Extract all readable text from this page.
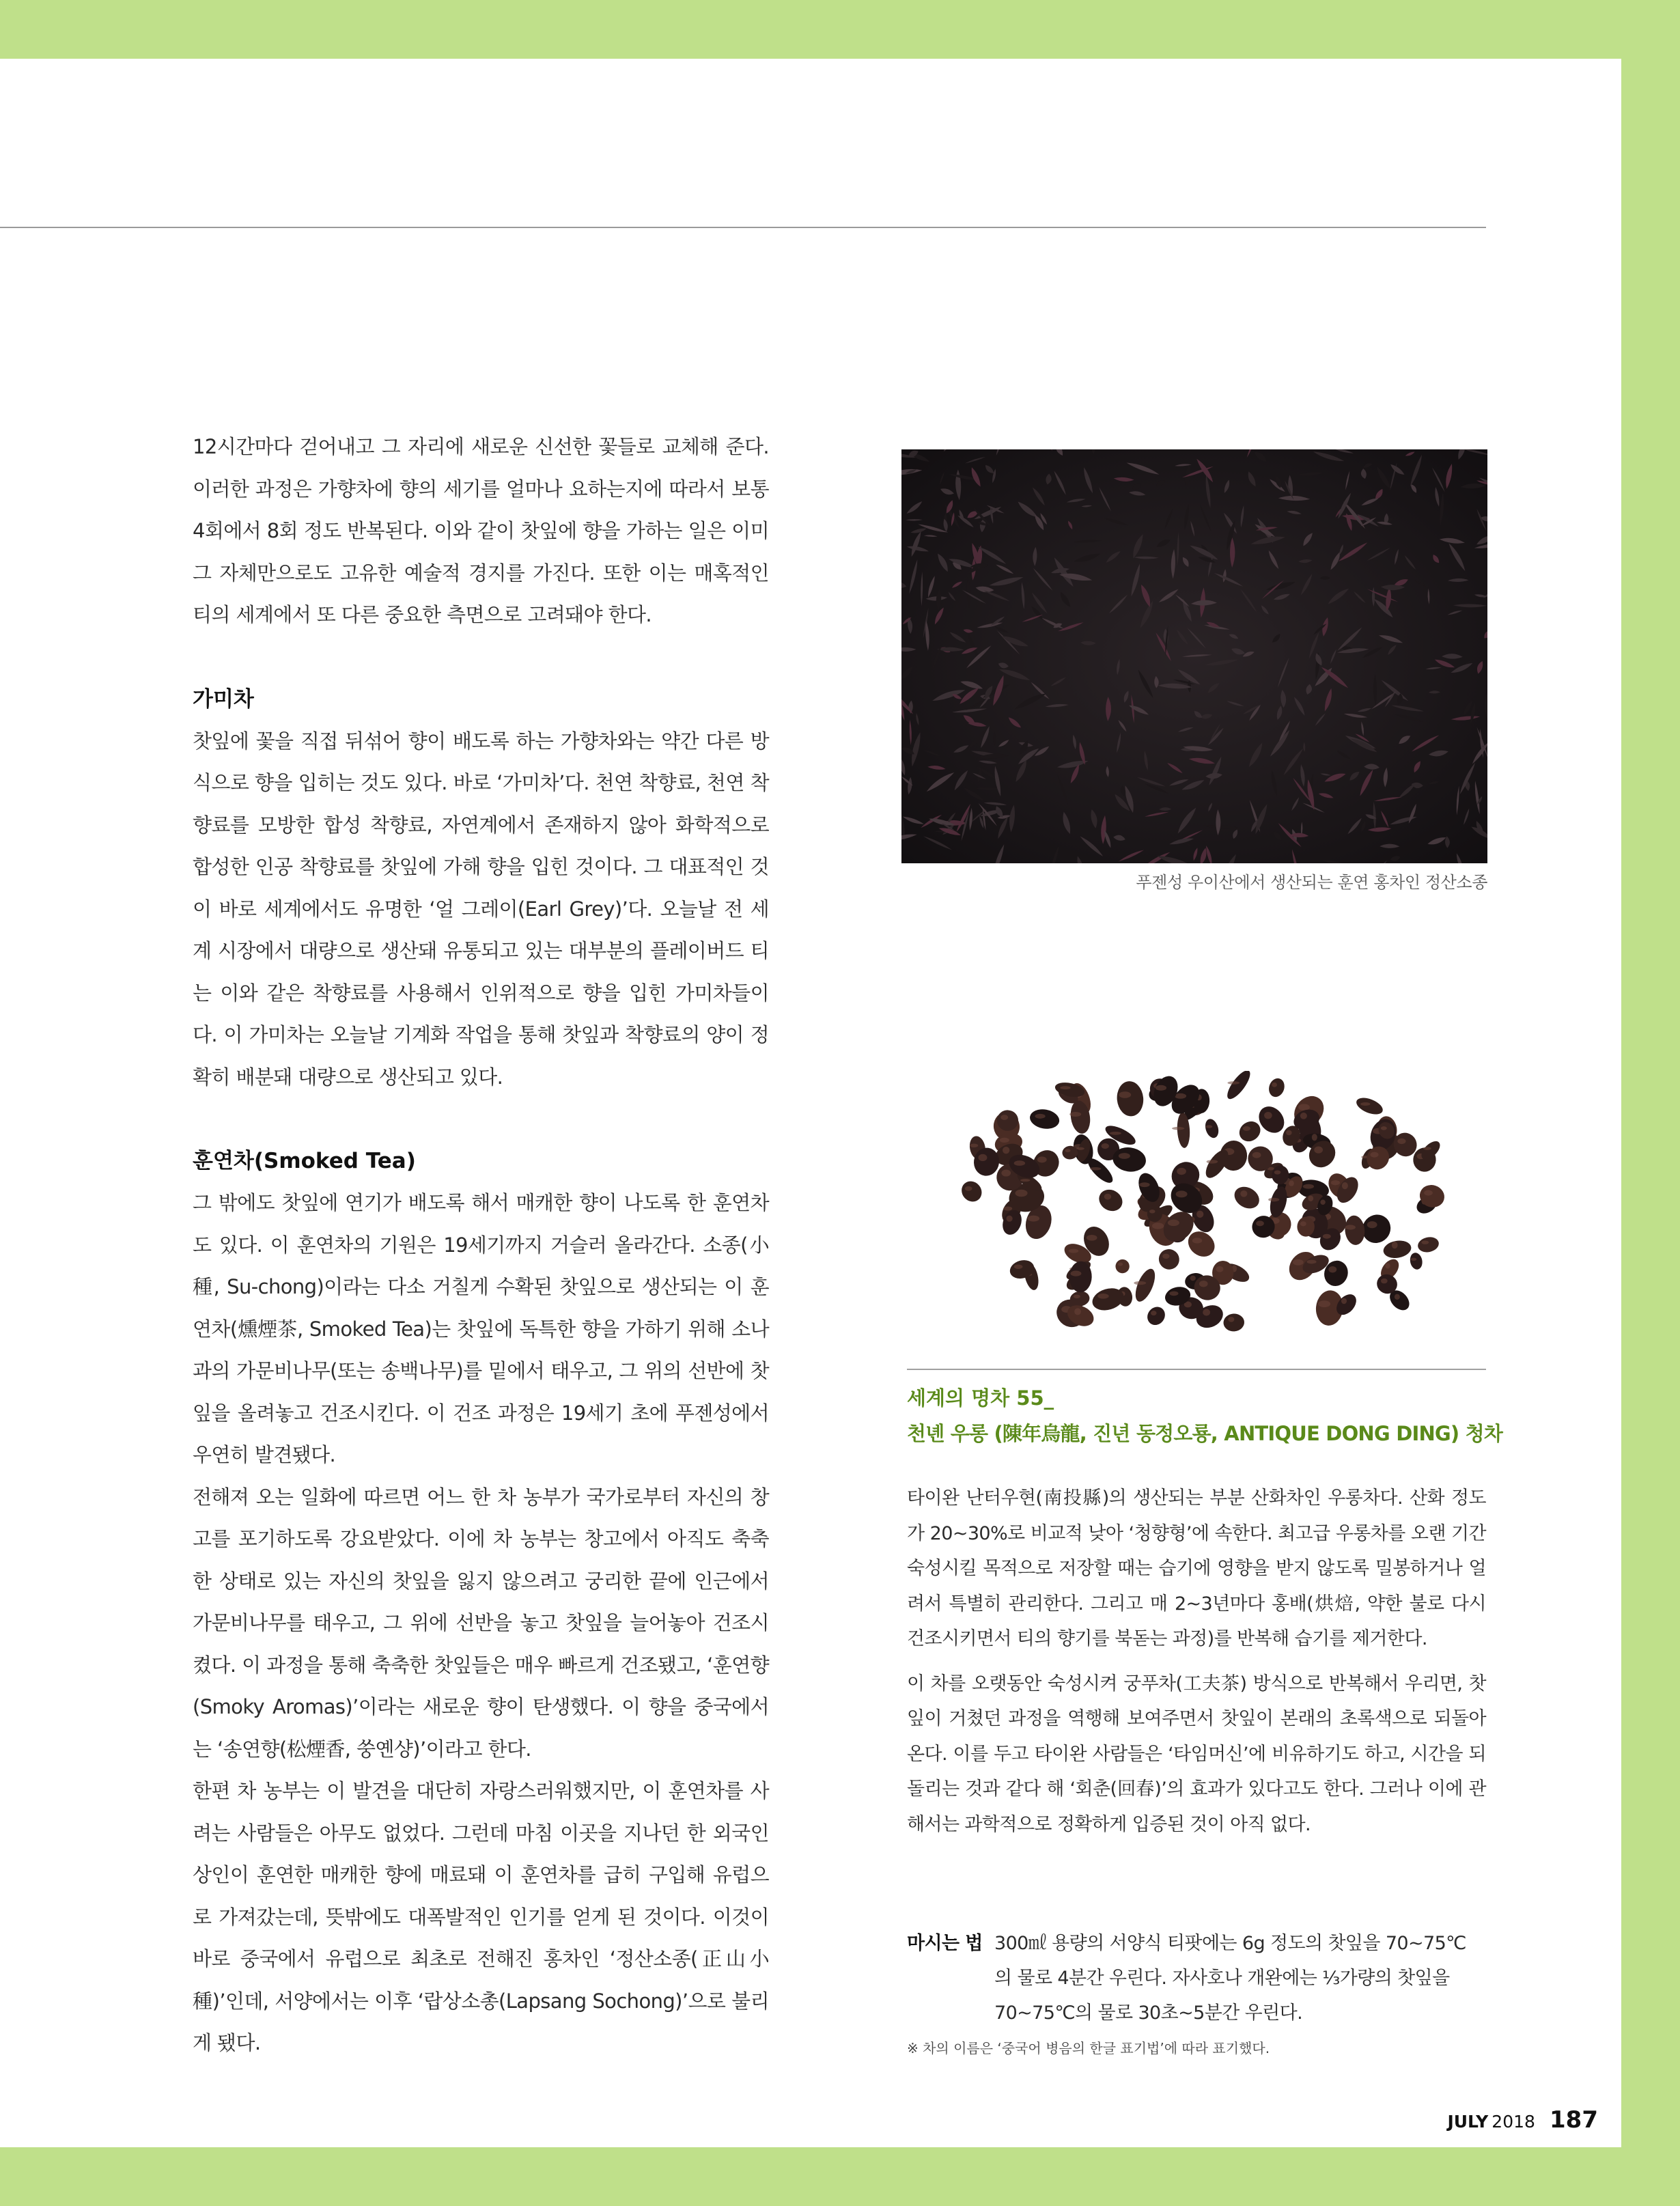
12시간마다 걷어내고 그 자리에 새로운 신선한 꽃들로 교체해 준다. 이러한 과정은 가향차에 향의 세기를 얼마나 요하는지에 따라서 보통 4회에서 8회 정도 반복된다. 이와 같이 찻잎에 향을 가하는 일은 이미 그 자체만으로도 고유한 예술적 경지를 가진다. 또한 이는 매혹적인 티의 세계에서 또 다른 중요한 측면으로 고려돼야 한다.

가미차

찻잎에 꽃을 직접 뒤섞어 향이 배도록 하는 가향차와는 약간 다른 방식으로 향을 입히는 것도 있다. 바로 ‘가미차’다. 천연 착향료, 천연 착향료를 모방한 합성 착향료, 자연계에서 존재하지 않아 화학적으로 합성한 인공 착향료를 찻잎에 가해 향을 입힌 것이다. 그 대표적인 것이 바로 세계에서도 유명한 ‘얼 그레이(Earl Grey)’다. 오늘날 전 세계 시장에서 대량으로 생산돼 유통되고 있는 대부분의 플레이버드 티는 이와 같은 착향료를 사용해서 인위적으로 향을 입힌 가미차들이다. 이 가미차는 오늘날 기계화 작업을 통해 찻잎과 착향료의 양이 정확히 배분돼 대량으로 생산되고 있다.

훈연차(Smoked Tea)

그 밖에도 찻잎에 연기가 배도록 해서 매캐한 향이 나도록 한 훈연차도 있다. 이 훈연차의 기원은 19세기까지 거슬러 올라간다. 소종(小種, Su-chong)이라는 다소 거칠게 수확된 찻잎으로 생산되는 이 훈연차(燻煙茶, Smoked Tea)는 찻잎에 독특한 향을 가하기 위해 소나과의 가문비나무(또는 송백나무)를 밑에서 태우고, 그 위의 선반에 찻잎을 올려놓고 건조시킨다. 이 건조 과정은 19세기 초에 푸젠성에서 우연히 발견됐다.

전해져 오는 일화에 따르면 어느 한 차 농부가 국가로부터 자신의 창고를 포기하도록 강요받았다. 이에 차 농부는 창고에서 아직도 축축한 상태로 있는 자신의 찻잎을 잃지 않으려고 궁리한 끝에 인근에서 가문비나무를 태우고, 그 위에 선반을 놓고 찻잎을 늘어놓아 건조시켰다. 이 과정을 통해 축축한 찻잎들은 매우 빠르게 건조됐고, ‘훈연향(Smoky Aromas)’이라는 새로운 향이 탄생했다. 이 향을 중국에서는 ‘송연향(松煙香, 쑹옌샹)’이라고 한다.

한편 차 농부는 이 발견을 대단히 자랑스러워했지만, 이 훈연차를 사려는 사람들은 아무도 없었다. 그런데 마침 이곳을 지나던 한 외국인 상인이 훈연한 매캐한 향에 매료돼 이 훈연차를 급히 구입해 유럽으로 가져갔는데, 뜻밖에도 대폭발적인 인기를 얻게 된 것이다. 이것이 바로 중국에서 유럽으로 최초로 전해진 홍차인 ‘정산소종(正山小種)’인데, 서양에서는 이후 ‘랍상소총(Lapsang Sochong)’으로 불리게 됐다.

푸젠성 우이산에서 생산되는 훈연 홍차인 정산소종
세계의 명차 55_
천녠 우롱 (陳年烏龍, 진년 동정오룡, ANTIQUE DONG DING) 청차

타이완 난터우현(南投縣)의 생산되는 부분 산화차인 우롱차다. 산화 정도가 20~30%로 비교적 낮아 ‘청향형’에 속한다. 최고급 우롱차를 오랜 기간 숙성시킬 목적으로 저장할 때는 습기에 영향을 받지 않도록 밀봉하거나 얼려서 특별히 관리한다. 그리고 매 2~3년마다 홍배(烘焙, 약한 불로 다시 건조시키면서 티의 향기를 북돋는 과정)를 반복해 습기를 제거한다.

이 차를 오랫동안 숙성시켜 궁푸차(工夫茶) 방식으로 반복해서 우리면, 찻잎이 거쳤던 과정을 역행해 보여주면서 찻잎이 본래의 초록색으로 되돌아온다. 이를 두고 타이완 사람들은 ‘타임머신’에 비유하기도 하고, 시간을 되돌리는 것과 같다 해 ‘회춘(回春)’의 효과가 있다고도 한다. 그러나 이에 관해서는 과학적으로 정확하게 입증된 것이 아직 없다.

마시는 법 300㎖ 용량의 서양식 티팟에는 6g 정도의 찻잎을 70~75℃
의 물로 4분간 우린다. 자사호나 개완에는 ⅓가량의 찻잎을
70~75℃의 물로 30초~5분간 우린다.
※ 차의 이름은 ‘중국어 병음의 한글 표기법’에 따라 표기했다.
JULY 2018 187
